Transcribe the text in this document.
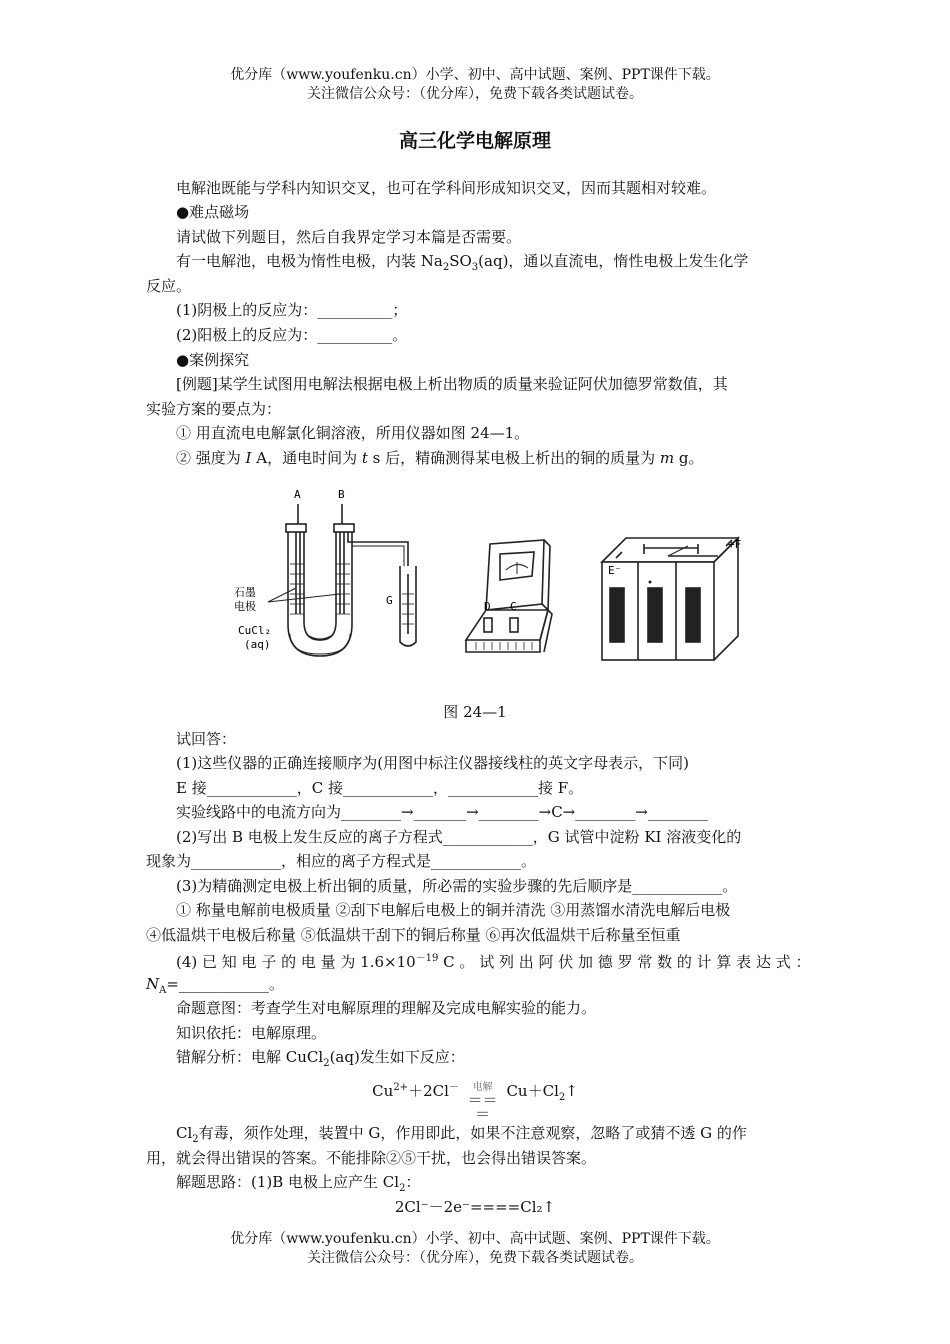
优分库（www.youfenku.cn）小学、初中、高中试题、案例、PPT课件下载。
关注微信公众号：（优分库），免费下载各类试题试卷。
高三化学电解原理
电解池既能与学科内知识交叉，也可在学科间形成知识交叉，因而其题相对较难。
●难点磁场
请试做下列题目，然后自我界定学习本篇是否需要。
有一电解池，电极为惰性电极，内装 $Na_2SO_3(aq)$，通以直流电，惰性电极上发生化学
反应。
(1)阴极上的反应为：__________；
(2)阳极上的反应为：__________。
●案例探究
[例题]某学生试图用电解法根据电极上析出物质的质量来验证阿伏加德罗常数值，其
实验方案的要点为：
① 用直流电电解氯化铜溶液，所用仪器如图 24—1。
② 强度为 I A，通电时间为 t s 后，精确测得某电极上析出的铜的质量为 m g。
A	B
G
石墨
电极
CuCl₂
(aq)
D C
E⁻
+F
图 24—1
试回答：
(1)这些仪器的正确连接顺序为(用图中标注仪器接线柱的英文字母表示，下同)
E 接____________，C 接____________，____________接 F。
实验线路中的电流方向为________→_______→________→C→________→________
(2)写出 B 电极上发生反应的离子方程式____________，G 试管中淀粉 KI 溶液变化的
现象为____________，相应的离子方程式是____________。
(3)为精确测定电极上析出铜的质量，所必需的实验步骤的先后顺序是____________。
① 称量电解前电极质量 ②刮下电解后电极上的铜并清洗 ③用蒸馏水清洗电解后电极
④低温烘干电极后称量 ⑤低温烘干刮下的铜后称量 ⑥再次低温烘干后称量至恒重
(4) 已 知 电 子 的 电 量 为 $1.6\times 10^{-19}$ C 。 试 列 出 阿 伏 加 德 罗 常 数 的 计 算 表 达 式 ：
$N_A=\_\_\_\_\_\_\_\_\_\_\_\_$。
命题意图：考查学生对电解原理的理解及完成电解实验的能力。
知识依托：电解原理。
错解分析：电解 CuCl$_2$(aq)发生如下反应：
$Cu^{2+}+2Cl^-$	电解
＝＝＝
$Cu+Cl_2↑$
$Cl_2$有毒，须作处理，装置中 G，作用即此，如果不注意观察，忽略了或猜不透 G 的作
用，就会得出错误的答案。不能排除②⑤干扰，也会得出错误答案。
解题思路：(1)B 电极上应产生 $Cl_2$：
2Cl⁻－2e⁻====Cl₂↑
优分库（www.youfenku.cn）小学、初中、高中试题、案例、PPT课件下载。
关注微信公众号：（优分库），免费下载各类试题试卷。
